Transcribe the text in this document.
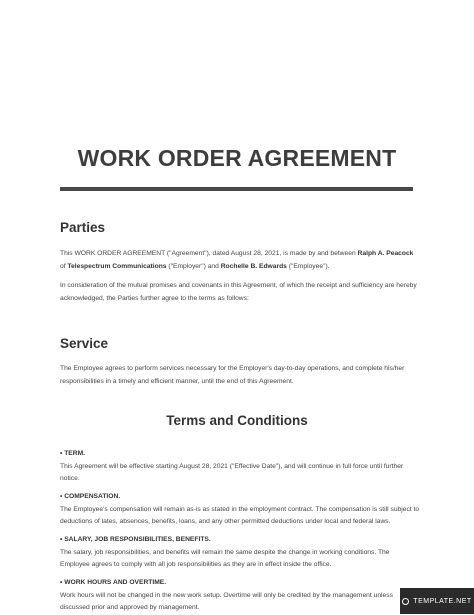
WORK ORDER AGREEMENT
Parties
This WORK ORDER AGREEMENT ("Agreement"), dated August 28, 2021, is made by and between Ralph A. Peacock
of Telespectrum Communications ("Employer") and Rochelle B. Edwards ("Employee").
In consideration of the mutual promises and covenants in this Agreement, of which the receipt and sufficiency are hereby acknowledged, the Parties further agree to the terms as follows:
Service
The Employee agrees to perform services necessary for the Employer's day-to-day operations, and complete his/her responsibilities in a timely and efficient manner, until the end of this Agreement.
Terms and Conditions
• TERM.
This Agreement will be effective starting August 28, 2021 ("Effective Date"), and will continue in full force until further notice.
• COMPENSATION.
The Employee's compensation will remain as-is as stated in the employment contract. The compensation is still subject to deductions of lates, absences, benefits, loans, and any other permitted deductions under local and federal laws.
• SALARY, JOB RESPONSIBILITIES, BENEFITS.
The salary, job responsibilities, and benefits will remain the same despite the change in working conditions. The Employee agrees to comply with all job responsibilities as they are in effect inside the office.
• WORK HOURS AND OVERTIME.
Work hours will not be changed in the new work setup. Overtime will only be credited by the management unless discussed prior and approved by management.
TEMPLATE.NET
